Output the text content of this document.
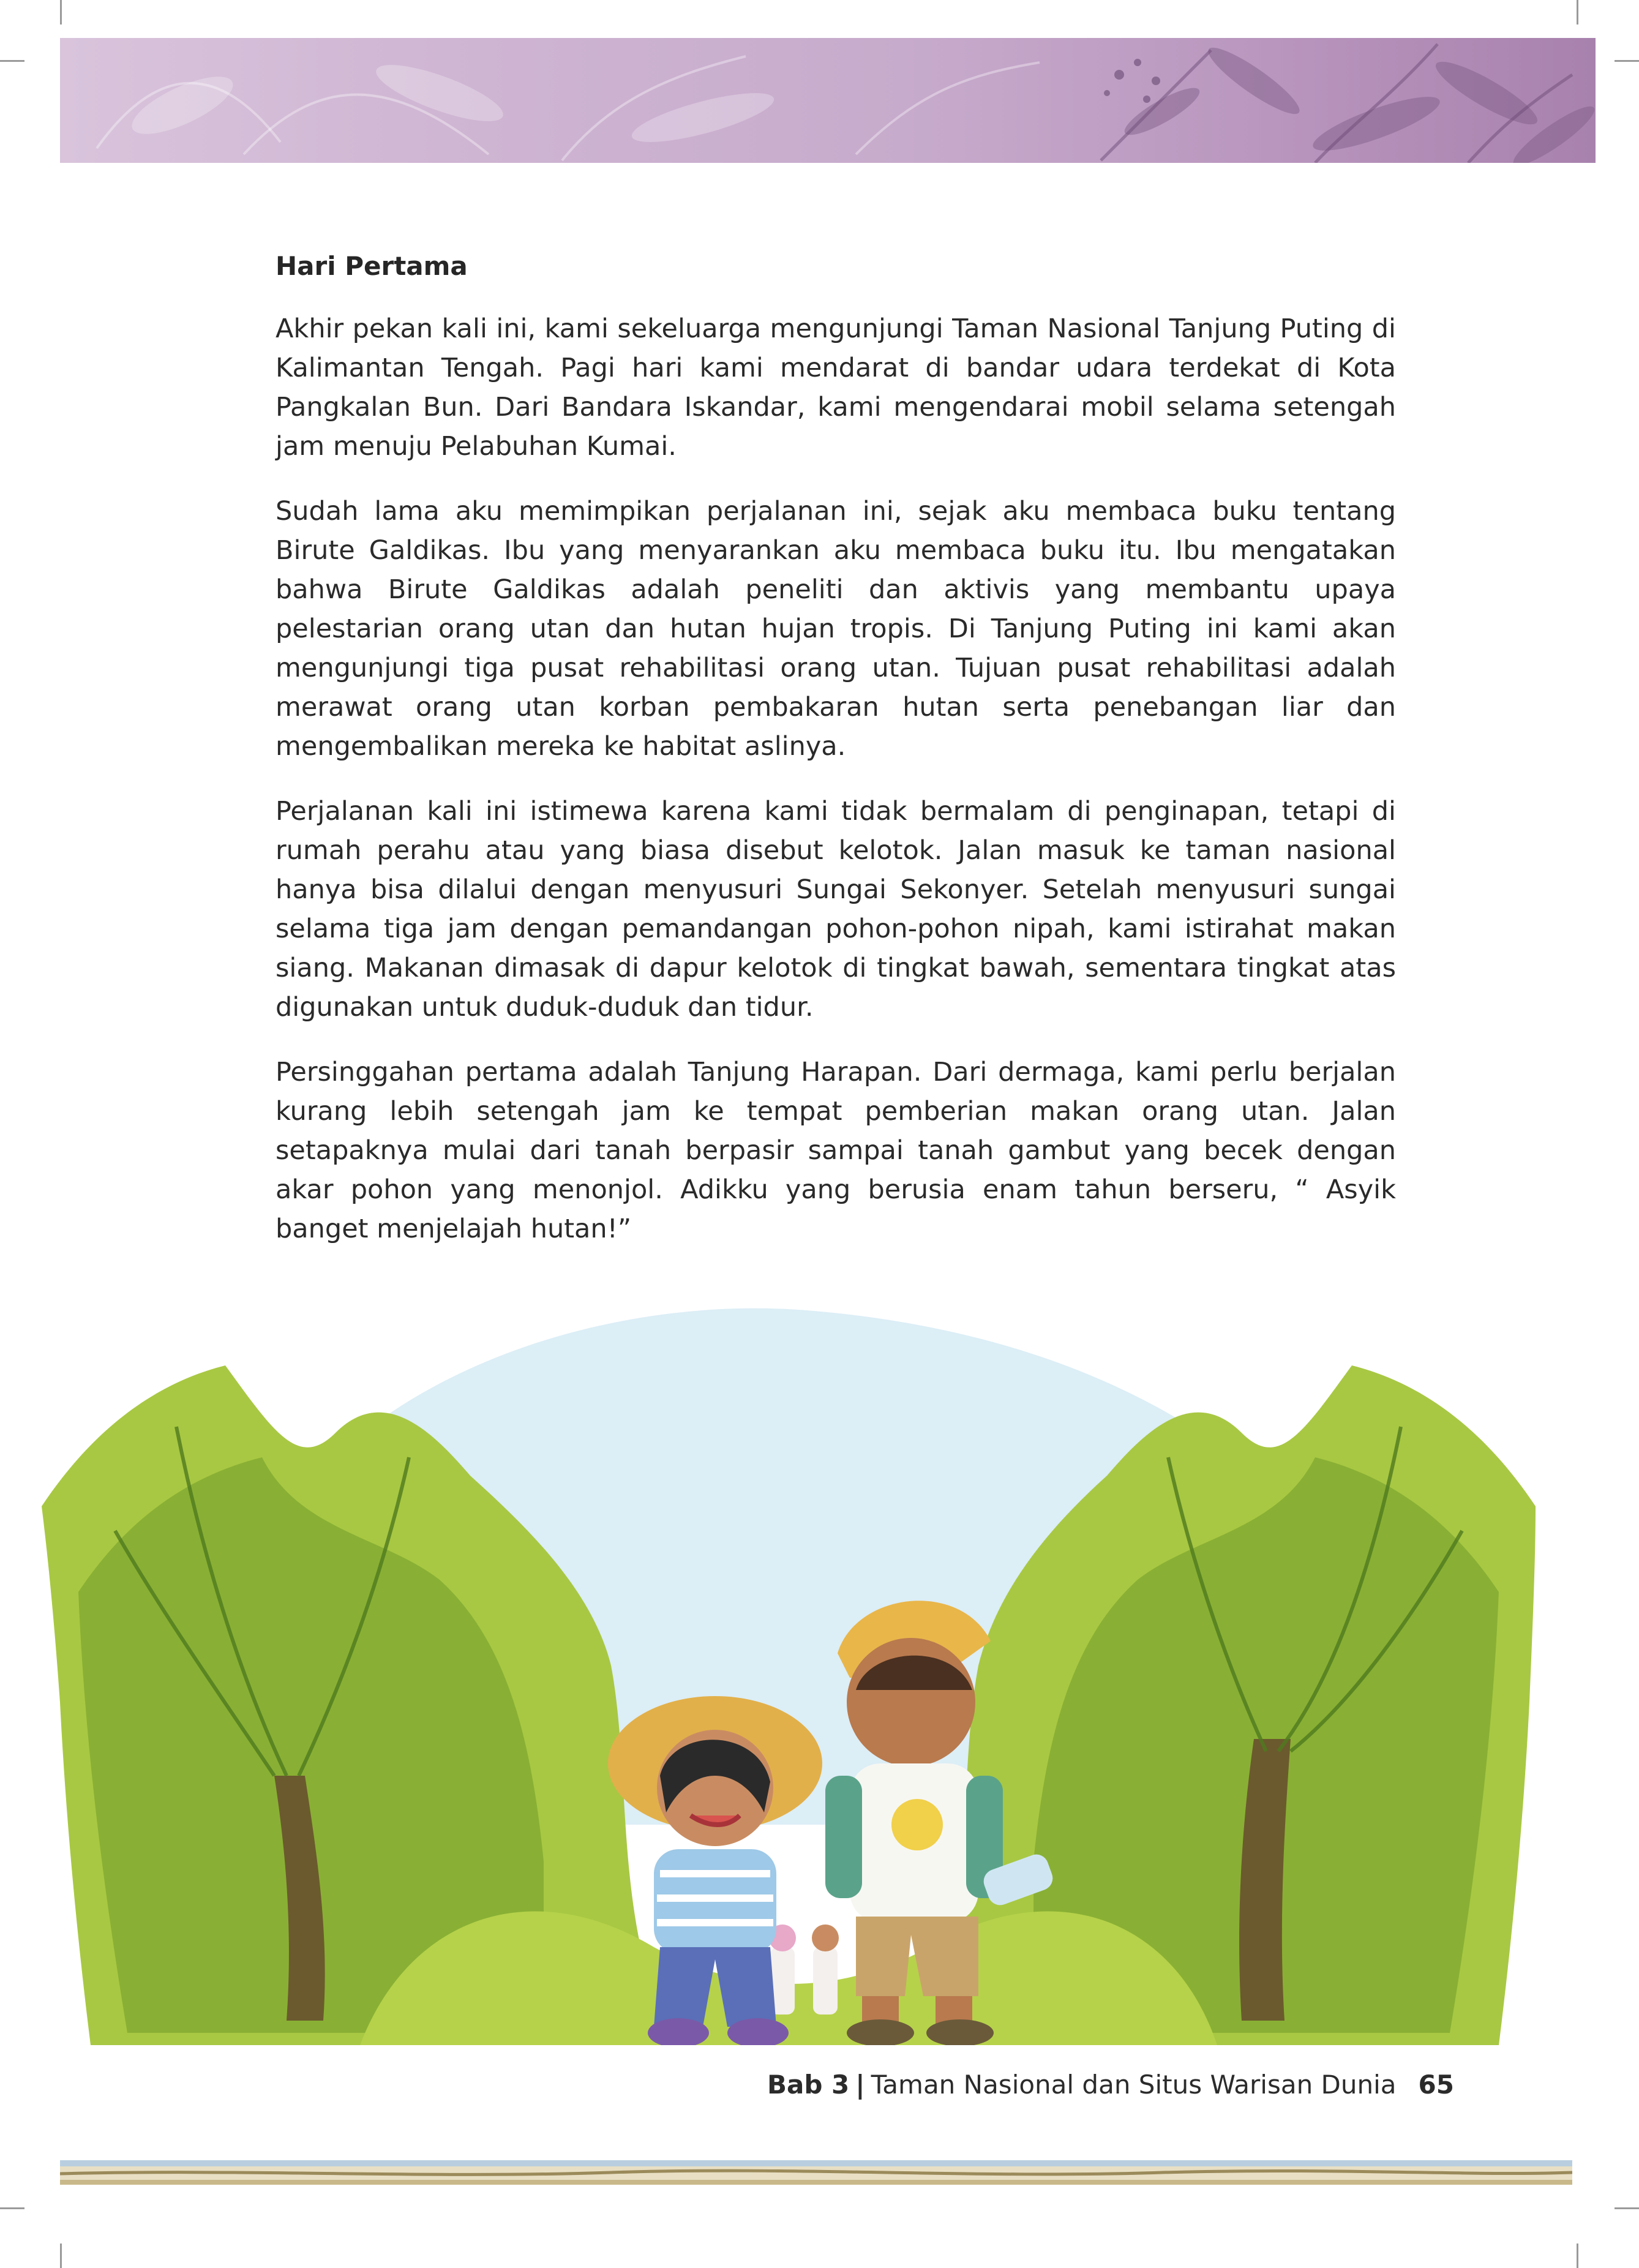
Hari Pertama

Akhir pekan kali ini, kami sekeluarga mengunjungi Taman Nasional Tanjung Puting di Kalimantan Tengah. Pagi hari kami mendarat di bandar udara terdekat di Kota Pangkalan Bun. Dari Bandara Iskandar, kami mengendarai mobil selama setengah jam menuju Pelabuhan Kumai.

Sudah lama aku memimpikan perjalanan ini, sejak aku membaca buku tentang Birute Galdikas. Ibu yang menyarankan aku membaca buku itu. Ibu mengatakan bahwa Birute Galdikas adalah peneliti dan aktivis yang membantu upaya pelestarian orang utan dan hutan hujan tropis. Di Tanjung Puting ini kami akan mengunjungi tiga pusat rehabilitasi orang utan. Tujuan pusat rehabilitasi adalah merawat orang utan korban pembakaran hutan serta penebangan liar dan mengembalikan mereka ke habitat aslinya.

Perjalanan kali ini istimewa karena kami tidak bermalam di penginapan, tetapi di rumah perahu atau yang biasa disebut kelotok. Jalan masuk ke taman nasional hanya bisa dilalui dengan menyusuri Sungai Sekonyer. Setelah menyusuri sungai selama tiga jam dengan pemandangan pohon-pohon nipah, kami istirahat makan siang. Makanan dimasak di dapur kelotok di tingkat bawah, sementara tingkat atas digunakan untuk duduk-duduk dan tidur.

Persinggahan pertama adalah Tanjung Harapan. Dari dermaga, kami perlu berjalan kurang lebih setengah jam ke tempat pemberian makan orang utan. Jalan setapaknya mulai dari tanah berpasir sampai tanah gambut yang becek dengan akar pohon yang menonjol. Adikku yang berusia enam tahun berseru, “ Asyik banget menjelajah hutan!”

Bab 3 | Taman Nasional dan Situs Warisan Dunia 65
